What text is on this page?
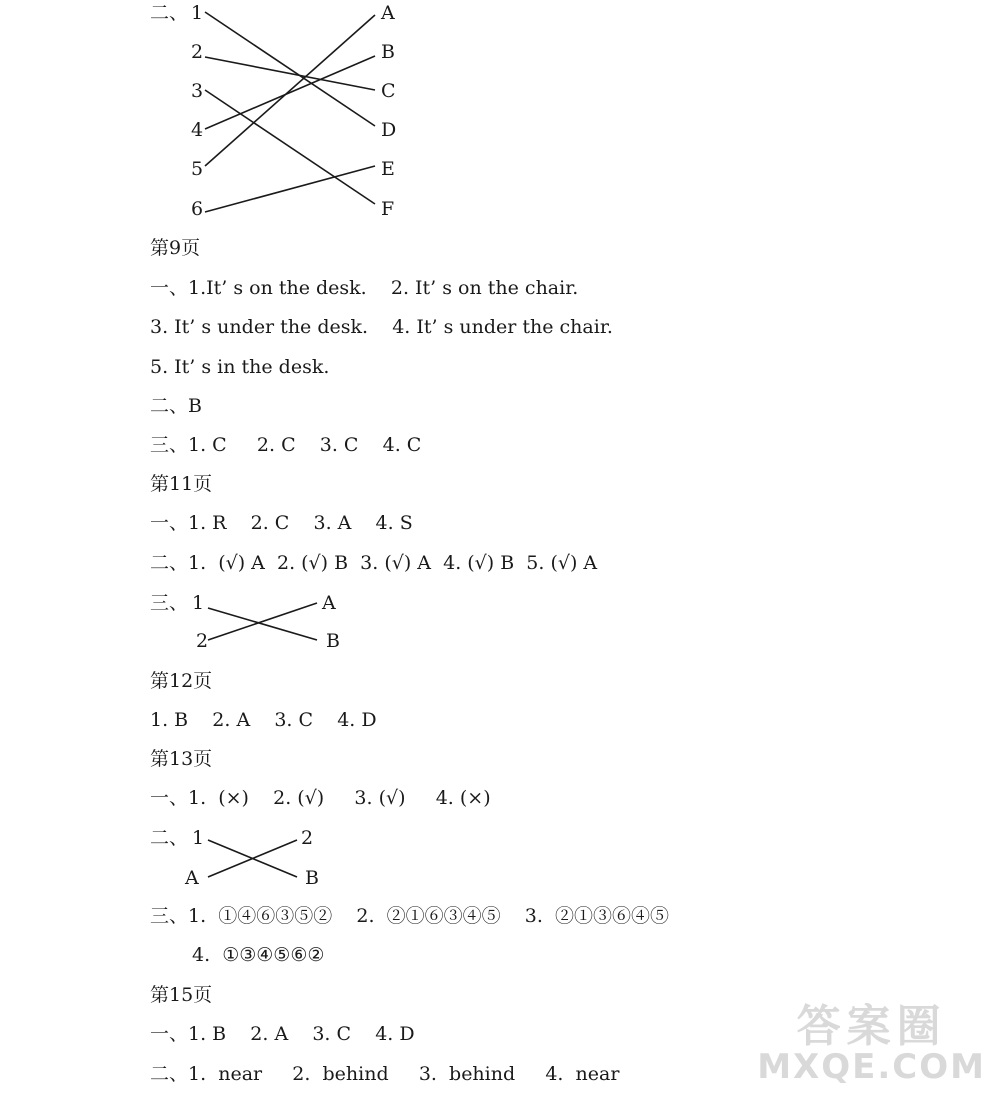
二、 1
2
3
4
5
6
A
B
C
D
E
F
第9页
一、1.It’ s on the desk.    2. It’ s on the chair.
3. It’ s under the desk.    4. It’ s under the chair.
5. It’ s in the desk.
二、B
三、1. C     2. C    3. C    4. C
第11页
一、1. R    2. C    3. A    4. S
二、1.  (√) A  2. (√) B  3. (√) A  4. (√) B  5. (√) A
三、 1
2
A
B
第12页
1. B    2. A    3. C    4. D
第13页
一、1.  (×)    2. (√)     3. (√)     4. (×)
二、 1	2
A	B
三、1.  ①④⑥③⑤②    2.  ②①⑥③④⑤    3.  ②①③⑥④⑤
4.  ①③④⑤⑥②
第15页
一、1. B    2. A    3. C    4. D
二、1.  near     2.  behind     3.  behind     4.  near
答案圈
MXQE.COM
